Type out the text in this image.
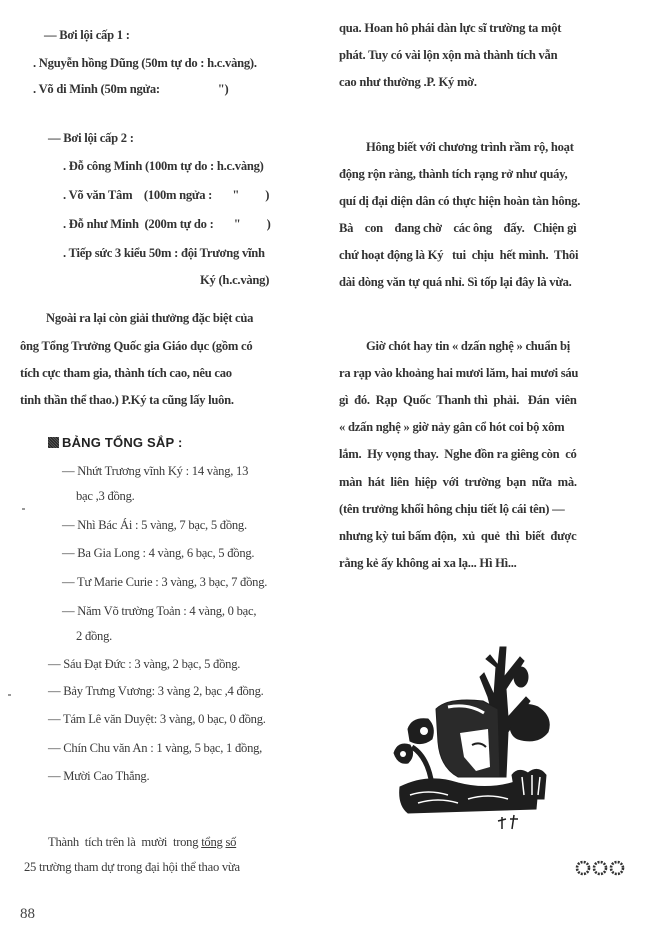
— Bơi lội cấp 1 :
. Nguyễn hồng Dũng (50m tự do : h.c.vàng).
. Võ di Minh (50m ngửa:                    ")
— Bơi lội cấp 2 :
. Đỗ công Minh (100m tự do : h.c.vàng)
. Võ văn Tâm    (100m ngửa :       "         )
. Đỗ như Minh  (200m tự do :       "         )
. Tiếp sức 3 kiểu 50m : đội Trương vĩnh
Ký (h.c.vàng)
Ngoài ra lại còn giải thưởng đặc biệt của
ông Tổng Trưởng Quốc gia Giáo dục (gồm có
tích cực tham gia, thành tích cao, nêu cao
tinh thần thể thao.) P.Ký ta cũng lấy luôn.
BẢNG TỔNG SẮP :
— Nhứt Trương vĩnh Ký : 14 vàng, 13
bạc ,3 đồng.
— Nhì Bác Ái : 5 vàng, 7 bạc, 5 đồng.
— Ba Gia Long : 4 vàng, 6 bạc, 5 đồng.
— Tư Marie Curie : 3 vàng, 3 bạc, 7 đồng.
— Năm Võ trường Toản : 4 vàng, 0 bạc,
2 đồng.
— Sáu Đạt Đức : 3 vàng, 2 bạc, 5 đồng.
— Bảy Trưng Vương: 3 vàng 2, bạc ,4 đồng.
— Tám Lê văn Duyệt: 3 vàng, 0 bạc, 0 đồng.
— Chín Chu văn An : 1 vàng, 5 bạc, 1 đồng,
— Mười Cao Thắng.
Thành  tích trên là  mười  trong tổng số
25 trường tham dự trong đại hội thể thao vừa
qua. Hoan hô phái dàn lực sĩ trường ta một
phát. Tuy có vài lộn xộn mà thành tích vẫn
cao như thường .P. Ký mờ.
Hông biết với chương trình rầm rộ, hoạt
động rộn ràng, thành tích rạng rở như quáy,
quí dị đại diện dân có thực hiện hoàn tàn hông.
Bà    con    đang chờ    các ông    đấy.   Chiện gì
chứ hoạt động là Ký   tui  chịu  hết mình.  Thôi
dài dòng văn tự quá nhỉ. Sì tốp lại đây là vừa.
Giờ chót hay tin « dzấn nghệ » chuẩn bị
ra rạp vào khoảng hai mươi lăm, hai mươi sáu
gì  đó.  Rạp  Quốc  Thanh thì  phải.   Đán  viên
« dzấn nghệ » giờ nảy gân cổ hót coi bộ xôm
lắm.  Hy vọng thay.  Nghe đồn ra giêng còn  có
màn  hát  liên  hiệp  với  trường  bạn  nữa  mà.
(tên trưởng khối hông chịu tiết lộ cái tên) —
nhưng kỳ tui bấm độn,  xủ  quẻ  thì  biết  được
rằng kẻ ấy không ai xa lạ... Hì Hì...
88
